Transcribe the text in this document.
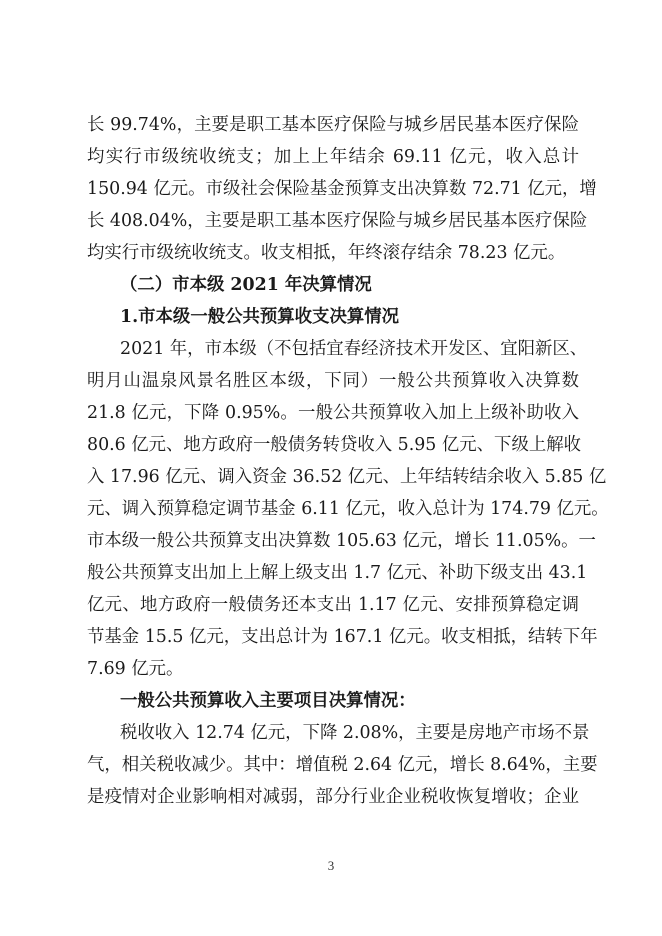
长 99.74%，主要是职工基本医疗保险与城乡居民基本医疗保险
均实行市级统收统支；加上上年结余 69.11 亿元，收入总计
150.94 亿元。市级社会保险基金预算支出决算数 72.71 亿元，增
长 408.04%，主要是职工基本医疗保险与城乡居民基本医疗保险
均实行市级统收统支。收支相抵，年终滚存结余 78.23 亿元。
（二）市本级 2021 年决算情况
1.市本级一般公共预算收支决算情况
2021 年，市本级（不包括宜春经济技术开发区、宜阳新区、
明月山温泉风景名胜区本级，下同）一般公共预算收入决算数
21.8 亿元，下降 0.95%。一般公共预算收入加上上级补助收入
80.6 亿元、地方政府一般债务转贷收入 5.95 亿元、下级上解收
入 17.96 亿元、调入资金 36.52 亿元、上年结转结余收入 5.85 亿
元、调入预算稳定调节基金 6.11 亿元，收入总计为 174.79 亿元。
市本级一般公共预算支出决算数 105.63 亿元，增长 11.05%。一
般公共预算支出加上上解上级支出 1.7 亿元、补助下级支出 43.1
亿元、地方政府一般债务还本支出 1.17 亿元、安排预算稳定调
节基金 15.5 亿元，支出总计为 167.1 亿元。收支相抵，结转下年
7.69 亿元。
一般公共预算收入主要项目决算情况：
税收收入 12.74 亿元，下降 2.08%，主要是房地产市场不景
气，相关税收减少。其中：增值税 2.64 亿元，增长 8.64%，主要
是疫情对企业影响相对减弱，部分行业企业税收恢复增收；企业
3
